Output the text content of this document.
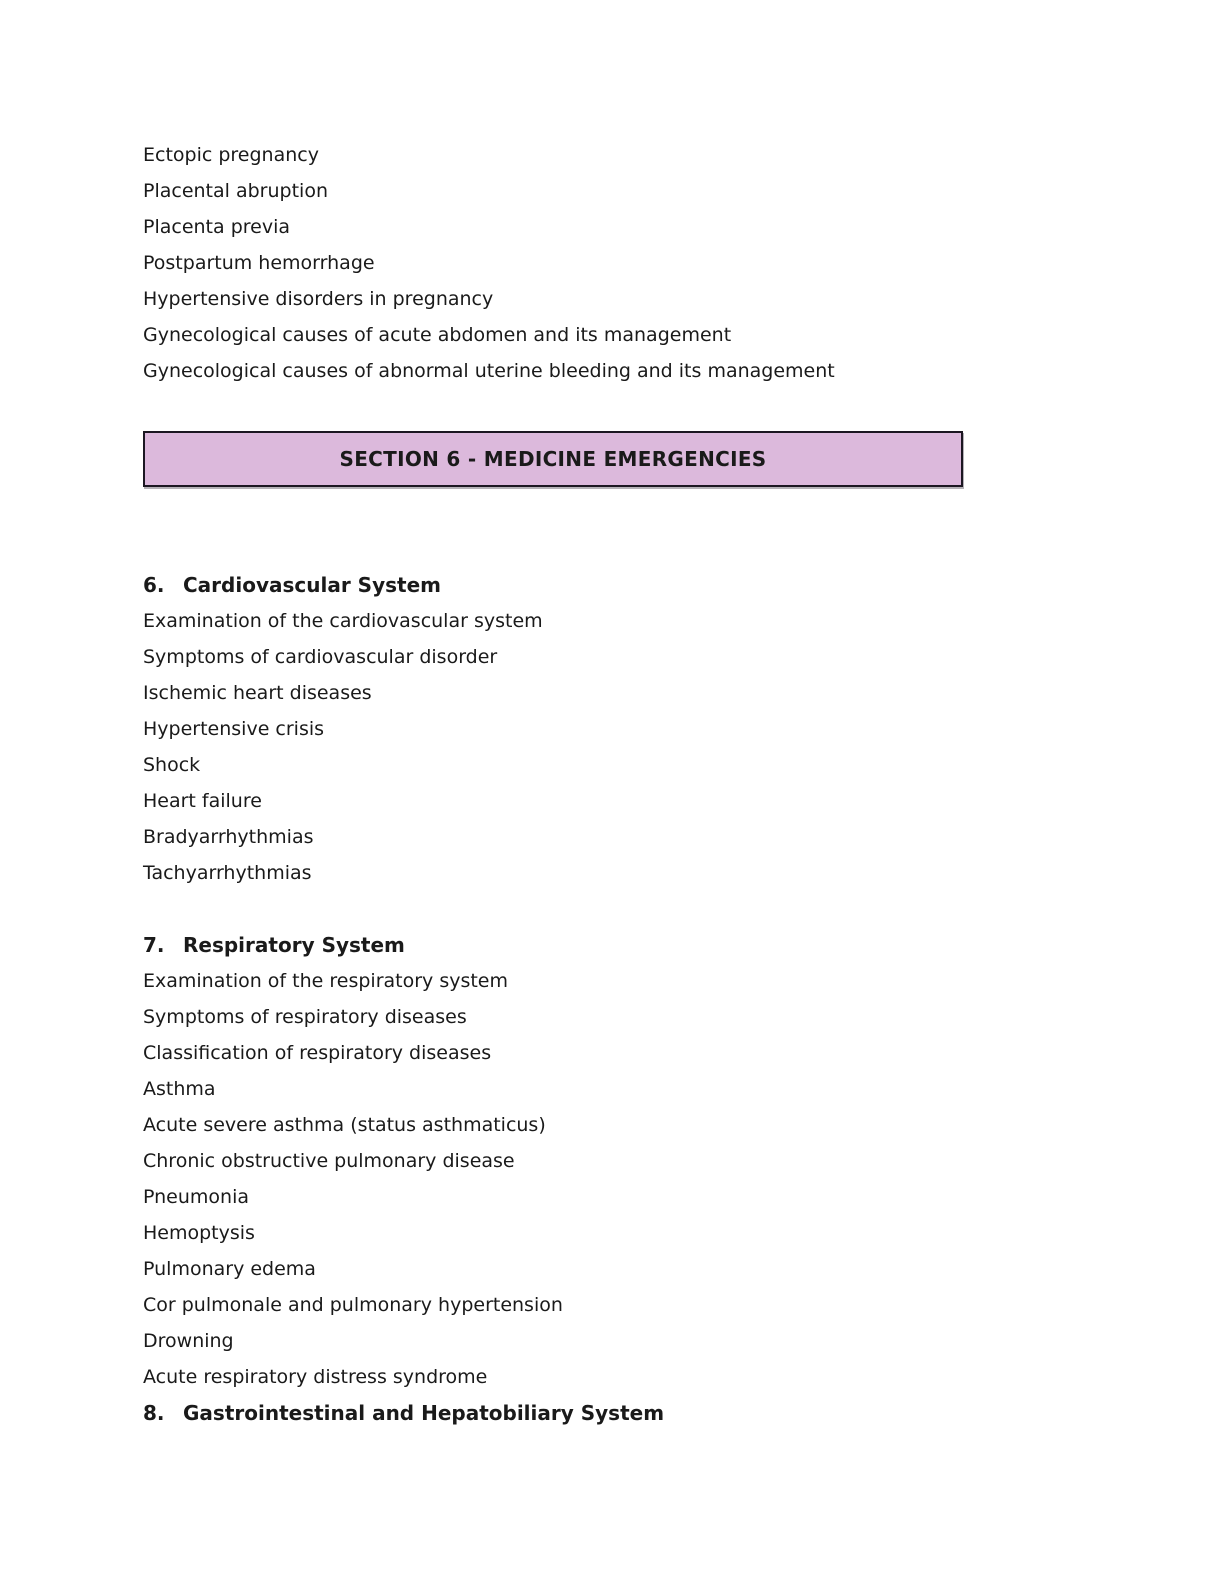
Ectopic pregnancy
Placental abruption
Placenta previa
Postpartum hemorrhage
Hypertensive disorders in pregnancy
Gynecological causes of acute abdomen and its management
Gynecological causes of abnormal uterine bleeding and its management
SECTION 6 - MEDICINE EMERGENCIES
6. Cardiovascular System
Examination of the cardiovascular system
Symptoms of cardiovascular disorder
Ischemic heart diseases
Hypertensive crisis
Shock
Heart failure
Bradyarrhythmias
Tachyarrhythmias
7. Respiratory System
Examination of the respiratory system
Symptoms of respiratory diseases
Classification of respiratory diseases
Asthma
Acute severe asthma (status asthmaticus)
Chronic obstructive pulmonary disease
Pneumonia
Hemoptysis
Pulmonary edema
Cor pulmonale and pulmonary hypertension
Drowning
Acute respiratory distress syndrome
8. Gastrointestinal and Hepatobiliary System
